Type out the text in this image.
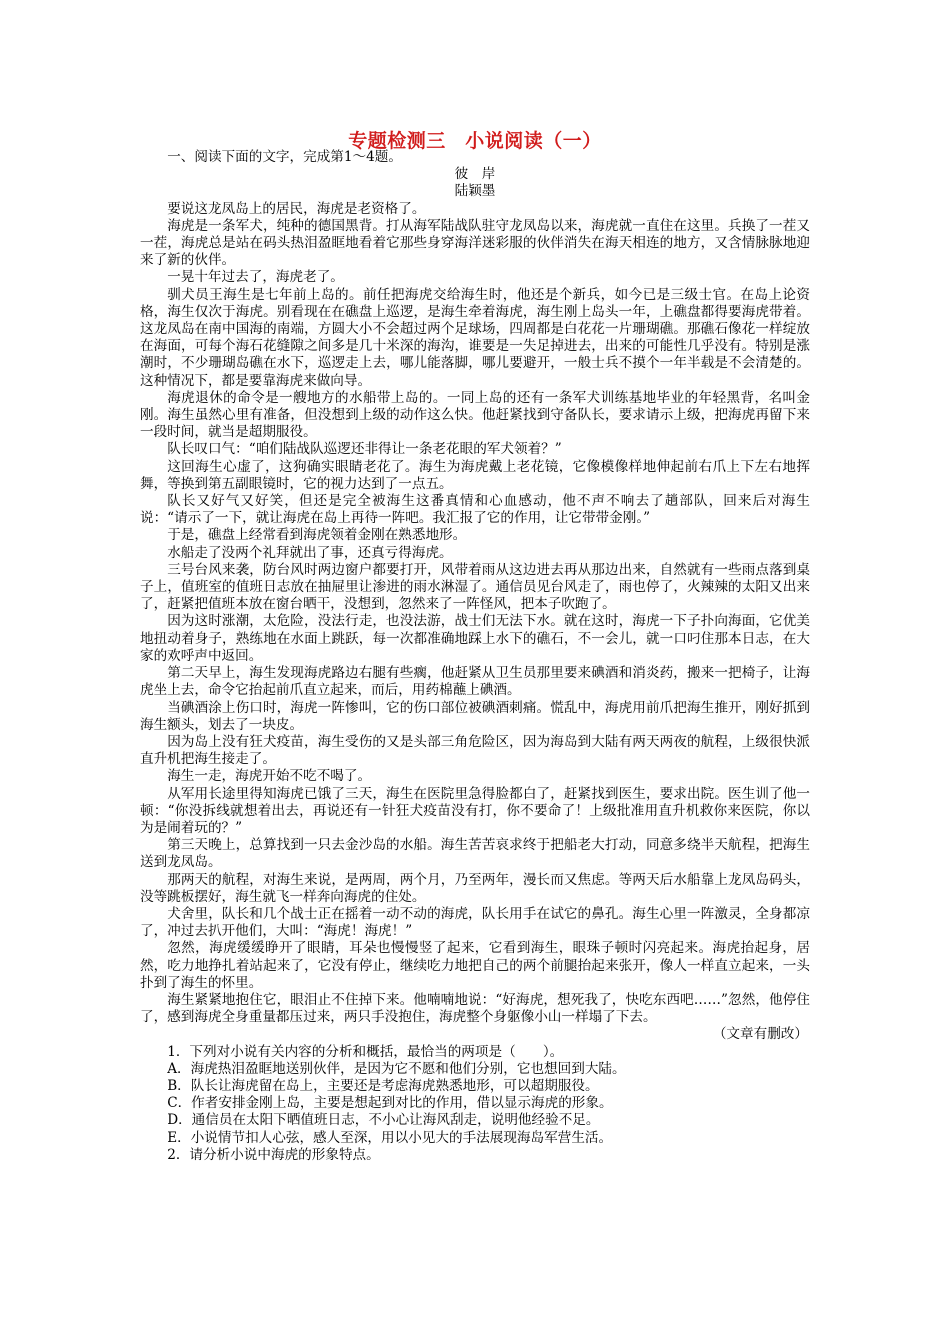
专题检测三　小说阅读（一）

一、阅读下面的文字，完成第1～4题。

彼　岸

陆颖墨

要说这龙凤岛上的居民，海虎是老资格了。

海虎是一条军犬，纯种的德国黑背。打从海军陆战队驻守龙凤岛以来，海虎就一直住在这里。兵换了一茬又一茬，海虎总是站在码头热泪盈眶地看着它那些身穿海洋迷彩服的伙伴消失在海天相连的地方，又含情脉脉地迎来了新的伙伴。

一晃十年过去了，海虎老了。

驯犬员王海生是七年前上岛的。前任把海虎交给海生时，他还是个新兵，如今已是三级士官。在岛上论资格，海生仅次于海虎。别看现在在礁盘上巡逻，是海生牵着海虎，海生刚上岛头一年，上礁盘都得要海虎带着。这龙凤岛在南中国海的南端，方圆大小不会超过两个足球场，四周都是白花花一片珊瑚礁。那礁石像花一样绽放在海面，可每个海石花缝隙之间多是几十米深的海沟，谁要是一失足掉进去，出来的可能性几乎没有。特别是涨潮时，不少珊瑚岛礁在水下，巡逻走上去，哪儿能落脚，哪儿要避开，一般士兵不摸个一年半载是不会清楚的。这种情况下，都是要靠海虎来做向导。

海虎退休的命令是一艘地方的水船带上岛的。一同上岛的还有一条军犬训练基地毕业的年轻黑背，名叫金刚。海生虽然心里有准备，但没想到上级的动作这么快。他赶紧找到守备队长，要求请示上级，把海虎再留下来一段时间，就当是超期服役。

队长叹口气：“咱们陆战队巡逻还非得让一条老花眼的军犬领着？”

这回海生心虚了，这狗确实眼睛老花了。海生为海虎戴上老花镜，它像模像样地伸起前右爪上下左右地挥舞，等换到第五副眼镜时，它的视力达到了一点五。

队长又好气又好笑，但还是完全被海生这番真情和心血感动，他不声不响去了趟部队，回来后对海生说：“请示了一下，就让海虎在岛上再待一阵吧。我汇报了它的作用，让它带带金刚。”

于是，礁盘上经常看到海虎领着金刚在熟悉地形。

水船走了没两个礼拜就出了事，还真亏得海虎。

三号台风来袭，防台风时两边窗户都要打开，风带着雨从这边进去再从那边出来，自然就有一些雨点落到桌子上，值班室的值班日志放在抽屉里让渗进的雨水淋湿了。通信员见台风走了，雨也停了，火辣辣的太阳又出来了，赶紧把值班本放在窗台晒干，没想到，忽然来了一阵怪风，把本子吹跑了。

因为这时涨潮，太危险，没法行走，也没法游，战士们无法下水。就在这时，海虎一下子扑向海面，它优美地扭动着身子，熟练地在水面上跳跃，每一次都准确地踩上水下的礁石，不一会儿，就一口叼住那本日志，在大家的欢呼声中返回。

第二天早上，海生发现海虎路边右腿有些瘸，他赶紧从卫生员那里要来碘酒和消炎药，搬来一把椅子，让海虎坐上去，命令它抬起前爪直立起来，而后，用药棉蘸上碘酒。

当碘酒涂上伤口时，海虎一阵惨叫，它的伤口部位被碘酒刺痛。慌乱中，海虎用前爪把海生推开，刚好抓到海生额头，划去了一块皮。

因为岛上没有狂犬疫苗，海生受伤的又是头部三角危险区，因为海岛到大陆有两天两夜的航程，上级很快派直升机把海生接走了。

海生一走，海虎开始不吃不喝了。

从军用长途里得知海虎已饿了三天，海生在医院里急得脸都白了，赶紧找到医生，要求出院。医生训了他一顿：“你没拆线就想着出去，再说还有一针狂犬疫苗没有打，你不要命了！上级批准用直升机救你来医院，你以为是闹着玩的？”

第三天晚上，总算找到一只去金沙岛的水船。海生苦苦哀求终于把船老大打动，同意多绕半天航程，把海生送到龙凤岛。

那两天的航程，对海生来说，是两周，两个月，乃至两年，漫长而又焦虑。等两天后水船靠上龙凤岛码头，没等跳板摆好，海生就飞一样奔向海虎的住处。

犬舍里，队长和几个战士正在摇着一动不动的海虎，队长用手在试它的鼻孔。海生心里一阵激灵，全身都凉了，冲过去扒开他们，大叫：“海虎！海虎！”

忽然，海虎缓缓睁开了眼睛，耳朵也慢慢竖了起来，它看到海生，眼珠子顿时闪亮起来。海虎抬起身，居然，吃力地挣扎着站起来了，它没有停止，继续吃力地把自己的两个前腿抬起来张开，像人一样直立起来，一头扑到了海生的怀里。

海生紧紧地抱住它，眼泪止不住掉下来。他喃喃地说：“好海虎，想死我了，快吃东西吧……”忽然，他停住了，感到海虎全身重量都压过来，两只手没抱住，海虎整个身躯像小山一样塌了下去。

（文章有删改）

1．下列对小说有关内容的分析和概括，最恰当的两项是（　　）。

A．海虎热泪盈眶地送别伙伴，是因为它不愿和他们分别，它也想回到大陆。

B．队长让海虎留在岛上，主要还是考虑海虎熟悉地形，可以超期服役。

C．作者安排金刚上岛，主要是想起到对比的作用，借以显示海虎的形象。

D．通信员在太阳下晒值班日志，不小心让海风刮走，说明他经验不足。

E．小说情节扣人心弦，感人至深，用以小见大的手法展现海岛军营生活。

2．请分析小说中海虎的形象特点。
